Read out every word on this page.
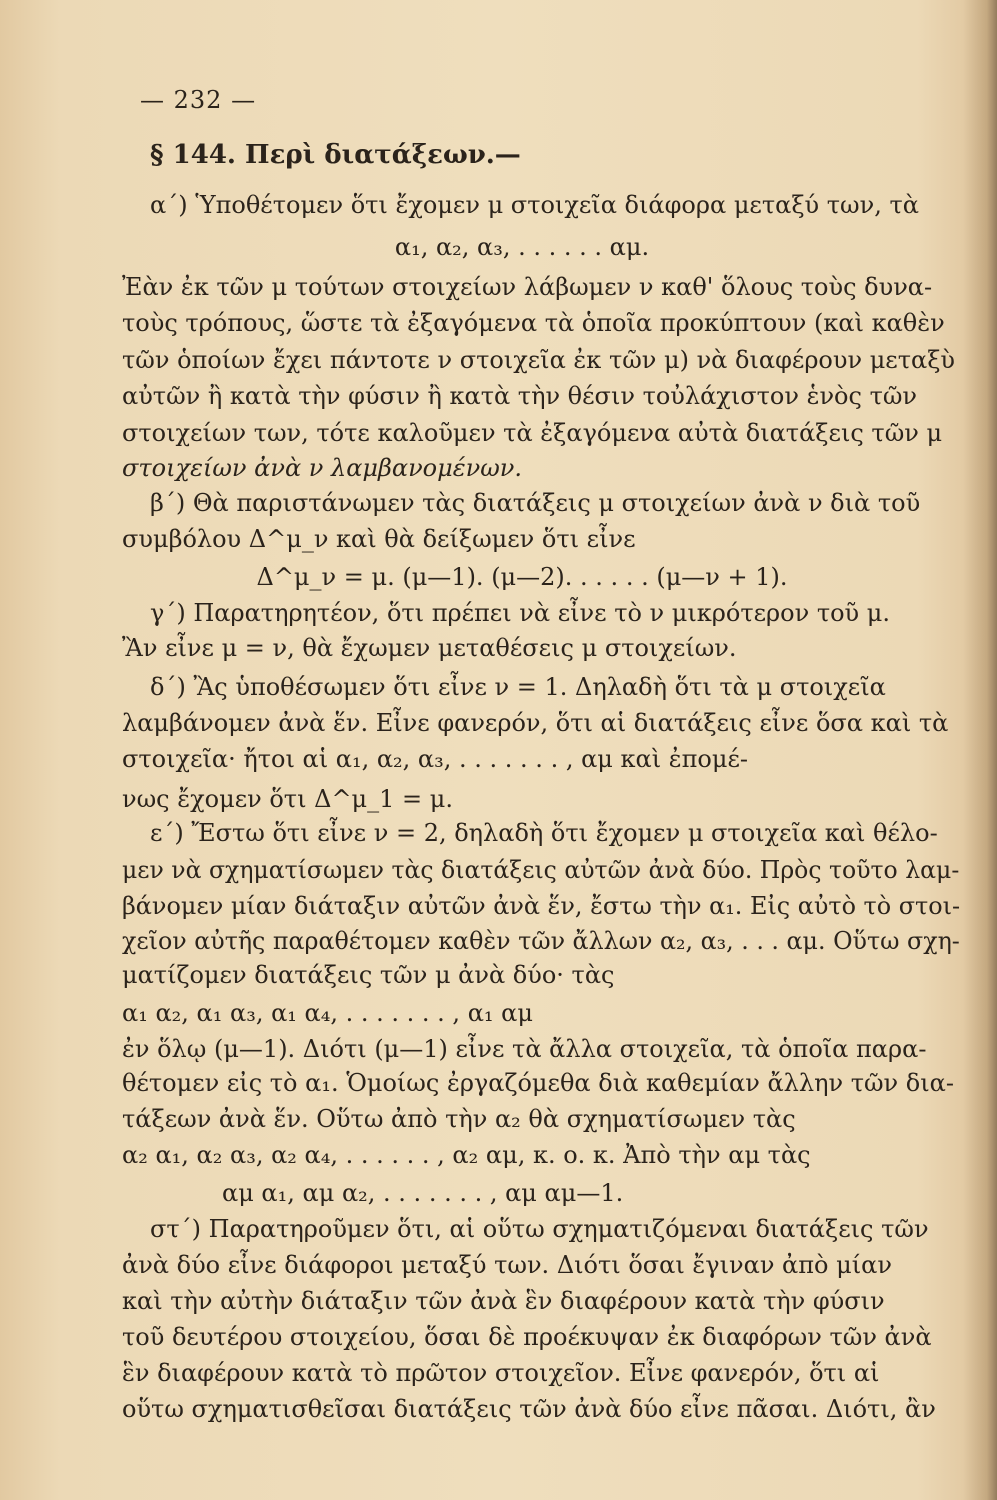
— 232 —
§ 144. Περὶ διατάξεων.—
α΄) Ὑποθέτομεν ὅτι ἔχομεν μ στοιχεῖα διάφορα μεταξύ των, τὰ
α₁, α₂, α₃, . . . . . . αμ.
Ἐὰν ἐκ τῶν μ τούτων στοιχείων λάβωμεν ν καθ' ὅλους τοὺς δυνα-
τοὺς τρόπους, ὥστε τὰ ἐξαγόμενα τὰ ὁποῖα προκύπτουν (καὶ καθὲν
τῶν ὁποίων ἔχει πάντοτε ν στοιχεῖα ἐκ τῶν μ) νὰ διαφέρουν μεταξὺ
αὐτῶν ἢ κατὰ τὴν φύσιν ἢ κατὰ τὴν θέσιν τοὐλάχιστον ἑνὸς τῶν
στοιχείων των, τότε καλοῦμεν τὰ ἐξαγόμενα αὐτὰ διατάξεις τῶν μ
στοιχείων ἀνὰ ν λαμβανομένων.
β΄) Θὰ παριστάνωμεν τὰς διατάξεις μ στοιχείων ἀνὰ ν διὰ τοῦ
συμβόλου Δ^μ_ν καὶ θὰ δείξωμεν ὅτι εἶνε
Δ^μ_ν = μ. (μ—1). (μ—2). . . . . . (μ—ν + 1).
γ΄) Παρατηρητέον, ὅτι πρέπει νὰ εἶνε τὸ ν μικρότερον τοῦ μ.
Ἂν εἶνε μ = ν, θὰ ἔχωμεν μεταθέσεις μ στοιχείων.
δ΄) Ἂς ὑποθέσωμεν ὅτι εἶνε ν = 1. Δηλαδὴ ὅτι τὰ μ στοιχεῖα
λαμβάνομεν ἀνὰ ἕν. Εἶνε φανερόν, ὅτι αἱ διατάξεις εἶνε ὅσα καὶ τὰ
στοιχεῖα· ἤτοι αἱ α₁, α₂, α₃, . . . . . . . , αμ καὶ ἐπομέ-
νως ἔχομεν ὅτι Δ^μ_1 = μ.
ε΄) Ἔστω ὅτι εἶνε ν = 2, δηλαδὴ ὅτι ἔχομεν μ στοιχεῖα καὶ θέλο-
μεν νὰ σχηματίσωμεν τὰς διατάξεις αὐτῶν ἀνὰ δύο. Πρὸς τοῦτο λαμ-
βάνομεν μίαν διάταξιν αὐτῶν ἀνὰ ἕν, ἔστω τὴν α₁. Εἰς αὐτὸ τὸ στοι-
χεῖον αὐτῆς παραθέτομεν καθὲν τῶν ἄλλων α₂, α₃, . . . αμ. Οὕτω σχη-
ματίζομεν διατάξεις τῶν μ ἀνὰ δύο· τὰς
α₁ α₂, α₁ α₃, α₁ α₄, . . . . . . . , α₁ αμ
ἐν ὅλῳ (μ—1). Διότι (μ—1) εἶνε τὰ ἄλλα στοιχεῖα, τὰ ὁποῖα παρα-
θέτομεν εἰς τὸ α₁. Ὁμοίως ἐργαζόμεθα διὰ καθεμίαν ἄλλην τῶν δια-
τάξεων ἀνὰ ἕν. Οὕτω ἀπὸ τὴν α₂ θὰ σχηματίσωμεν τὰς
α₂ α₁, α₂ α₃, α₂ α₄, . . . . . . , α₂ αμ, κ. ο. κ. Ἀπὸ τὴν αμ τὰς
αμ α₁, αμ α₂, . . . . . . . , αμ αμ—1.
στ΄) Παρατηροῦμεν ὅτι, αἱ οὕτω σχηματιζόμεναι διατάξεις τῶν
ἀνὰ δύο εἶνε διάφοροι μεταξύ των. Διότι ὅσαι ἔγιναν ἀπὸ μίαν
καὶ τὴν αὐτὴν διάταξιν τῶν ἀνὰ ἓν διαφέρουν κατὰ τὴν φύσιν
τοῦ δευτέρου στοιχείου, ὅσαι δὲ προέκυψαν ἐκ διαφόρων τῶν ἀνὰ
ἓν διαφέρουν κατὰ τὸ πρῶτον στοιχεῖον. Εἶνε φανερόν, ὅτι αἱ
οὕτω σχηματισθεῖσαι διατάξεις τῶν ἀνὰ δύο εἶνε πᾶσαι. Διότι, ἂν
